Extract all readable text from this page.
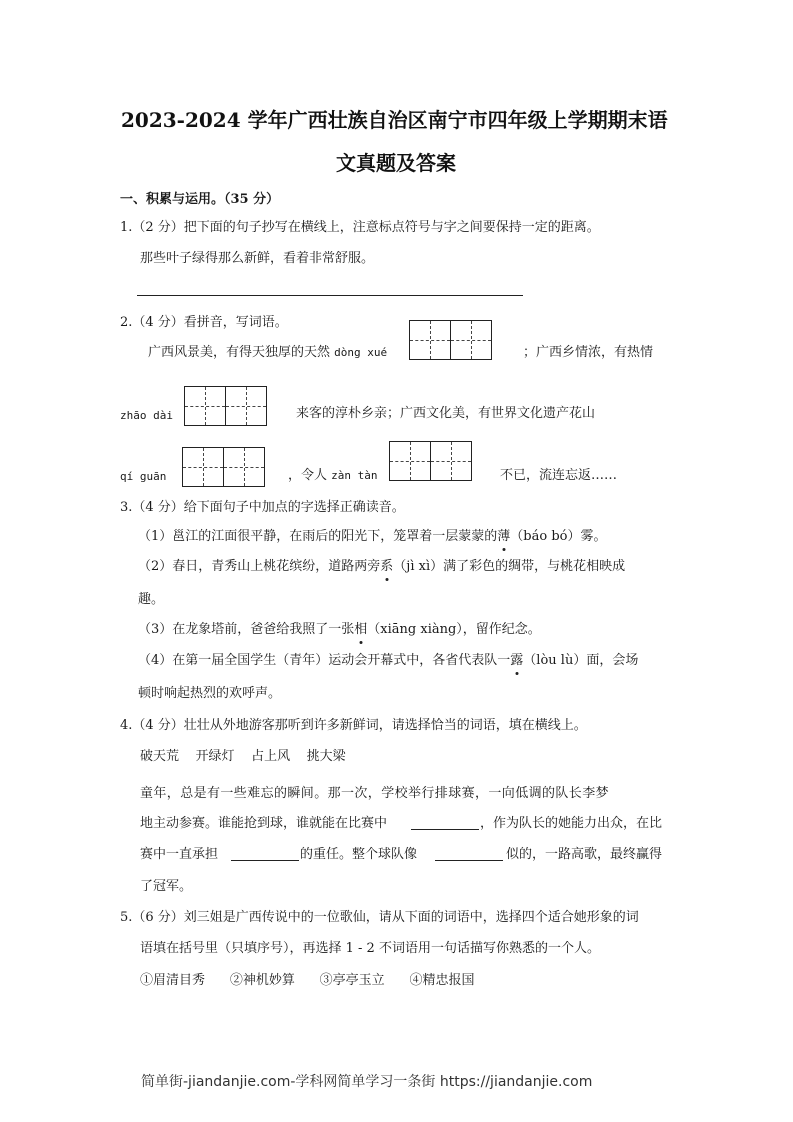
2023-2024 学年广西壮族自治区南宁市四年级上学期期末语
文真题及答案
一、积累与运用。（35 分）
1.（2 分）把下面的句子抄写在横线上，注意标点符号与字之间要保持一定的距离。
那些叶子绿得那么新鲜，看着非常舒服。
2.（4 分）看拼音，写词语。
广西风景美，有得天独厚的天然 dòng xué	；广西乡情浓，有热情
zhāo dài	来客的淳朴乡亲；广西文化美，有世界文化遗产花山
qí guān	，令人 zàn tàn	不已，流连忘返……
3.（4 分）给下面句子中加点的字选择正确读音。
（1）邕江的江面很平静，在雨后的阳光下，笼罩着一层蒙蒙的薄（báo bó）雾。
（2）春日，青秀山上桃花缤纷，道路两旁系（jì xì）满了彩色的绸带，与桃花相映成
趣。
（3）在龙象塔前，爸爸给我照了一张相（xiāng xiàng），留作纪念。
（4）在第一届全国学生（青年）运动会开幕式中，各省代表队一露（lòu lù）面，会场
顿时响起热烈的欢呼声。
4.（4 分）壮壮从外地游客那听到许多新鲜词，请选择恰当的词语，填在横线上。
破天荒 开绿灯 占上风 挑大梁
童年，总是有一些难忘的瞬间。那一次，学校举行排球赛，一向低调的队长李梦
地主动参赛。谁能抢到球，谁就能在比赛中	，作为队长的她能力出众，在比
赛中一直承担	的重任。整个球队像	似的，一路高歌，最终赢得
了冠军。
5.（6 分）刘三姐是广西传说中的一位歌仙，请从下面的词语中，选择四个适合她形象的词
语填在括号里（只填序号），再选择 1 - 2 不词语用一句话描写你熟悉的一个人。
①眉清目秀 ②神机妙算 ③亭亭玉立 ④精忠报国
简单街-jiandanjie.com-学科网简单学习一条街 https://jiandanjie.com
